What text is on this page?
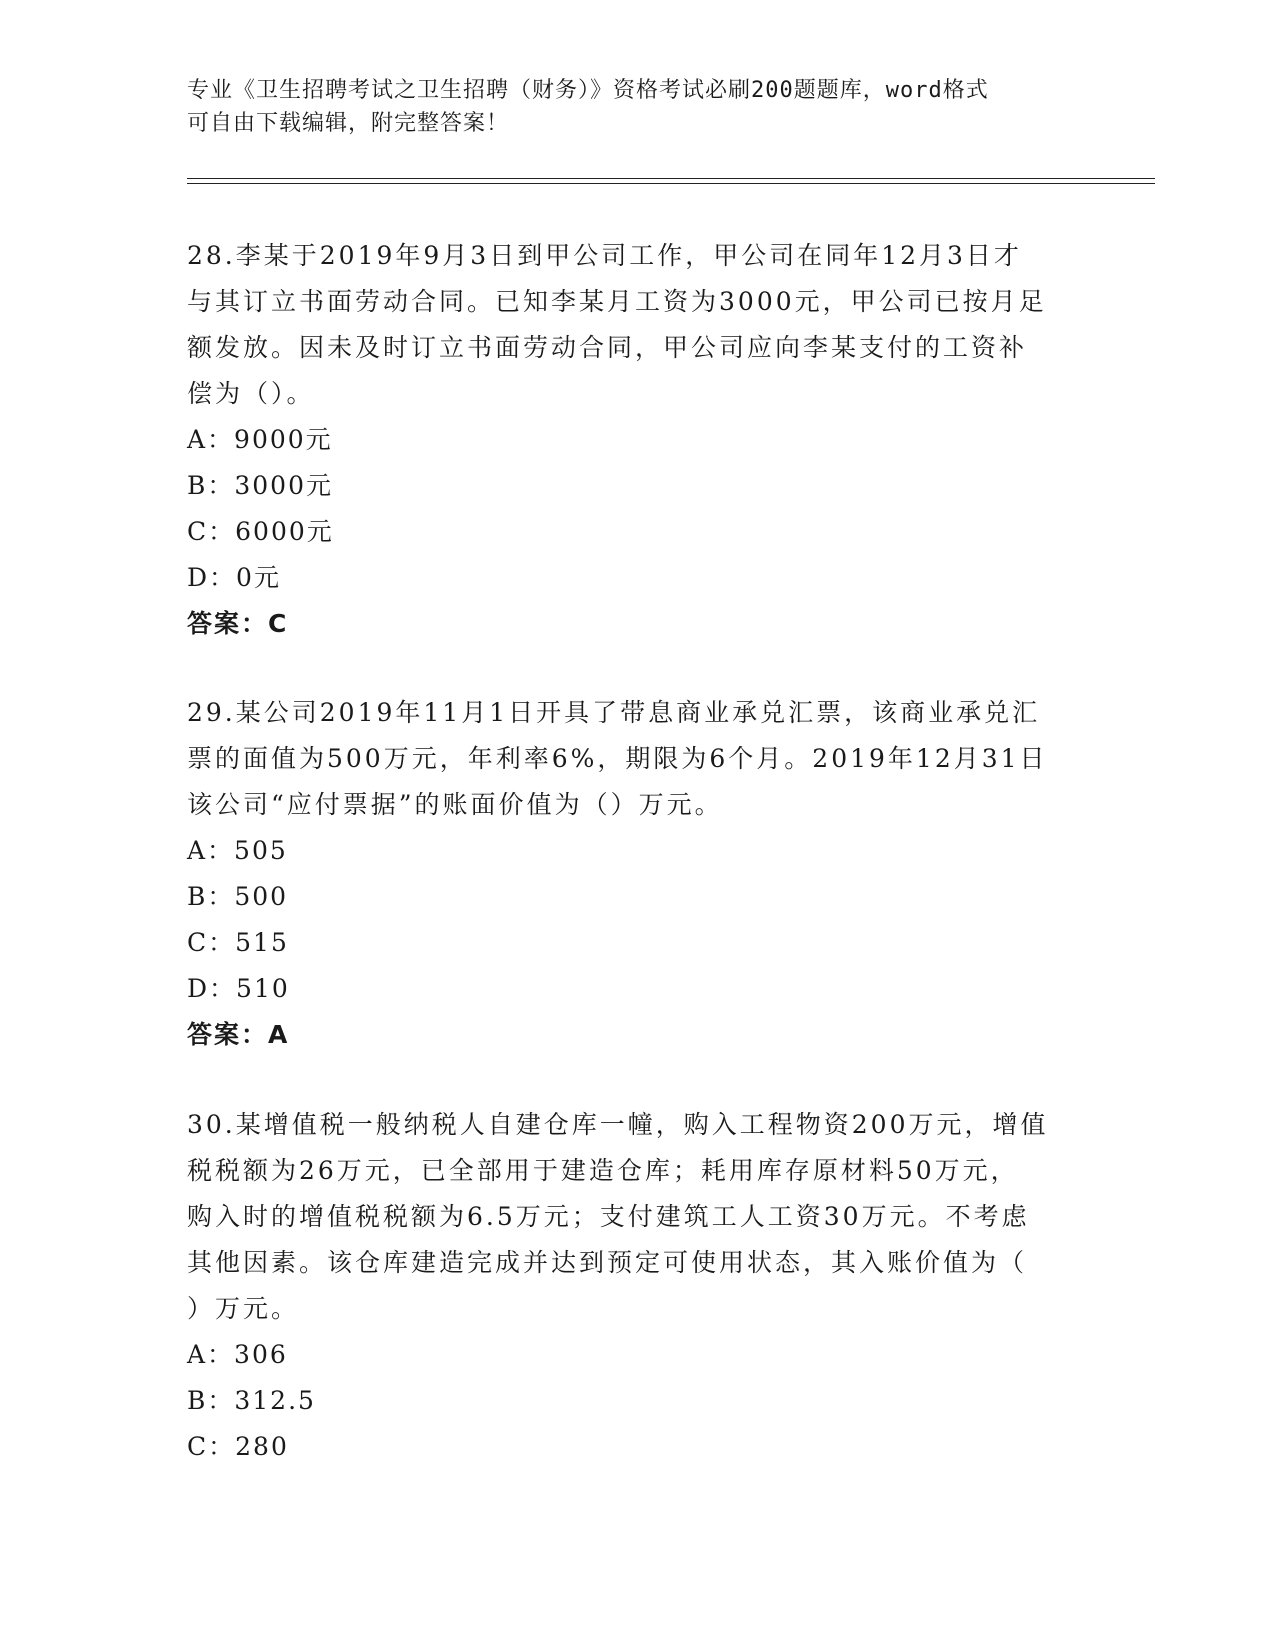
专业《卫生招聘考试之卫生招聘（财务）》资格考试必刷200题题库，word格式
可自由下载编辑，附完整答案！

28.李某于2019年9月3日到甲公司工作，甲公司在同年12月3日才

与其订立书面劳动合同。已知李某月工资为3000元，甲公司已按月足

额发放。因未及时订立书面劳动合同，甲公司应向李某支付的工资补

偿为（）。

A：9000元

B：3000元

C：6000元

D：0元

答案：C

29.某公司2019年11月1日开具了带息商业承兑汇票，该商业承兑汇

票的面值为500万元，年利率6%，期限为6个月。2019年12月31日

该公司“应付票据”的账面价值为（）万元。

A：505

B：500

C：515

D：510

答案：A

30.某增值税一般纳税人自建仓库一幢，购入工程物资200万元，增值

税税额为26万元，已全部用于建造仓库；耗用库存原材料50万元，

购入时的增值税税额为6.5万元；支付建筑工人工资30万元。不考虑

其他因素。该仓库建造完成并达到预定可使用状态，其入账价值为（

）万元。

A：306

B：312.5

C：280
